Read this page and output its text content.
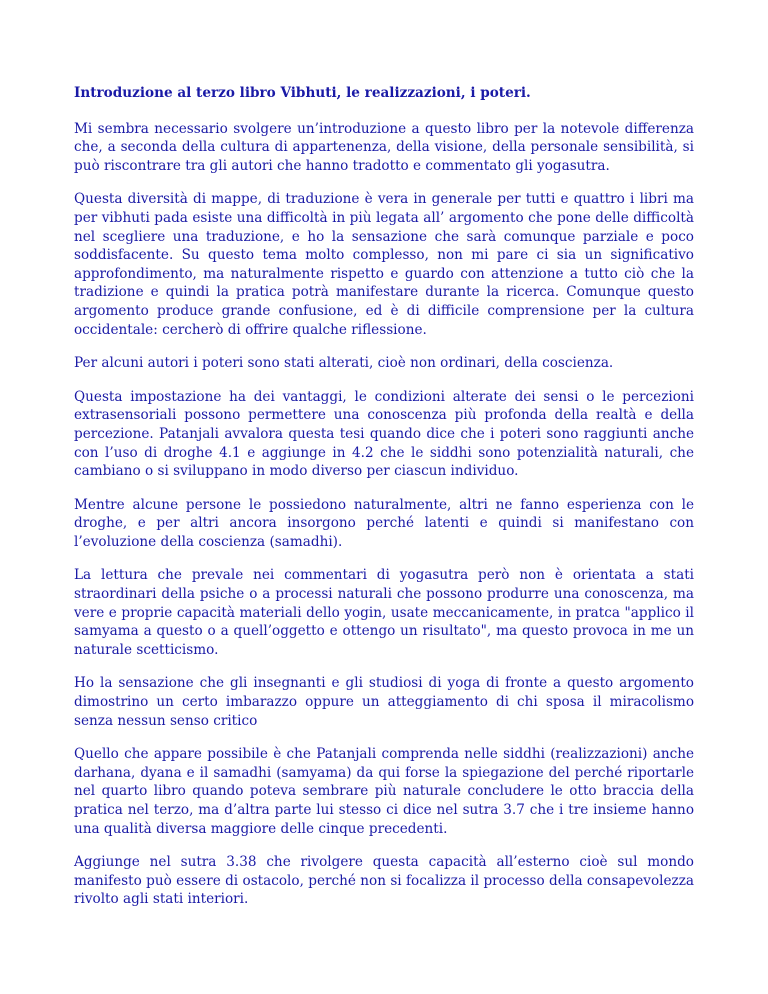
Introduzione al terzo libro Vibhuti, le realizzazioni, i poteri.

Mi sembra necessario svolgere un’introduzione a questo libro per la notevole differenza che, a seconda della cultura di appartenenza, della visione, della personale sensibilità, si può riscontrare tra gli autori che hanno tradotto e commentato gli yogasutra.

Questa diversità di mappe, di traduzione è vera in generale per tutti e quattro i libri ma per vibhuti pada esiste una difficoltà in più legata all’ argomento che pone delle difficoltà nel scegliere una traduzione, e ho la sensazione che sarà comunque parziale e poco soddisfacente. Su questo tema molto complesso, non mi pare ci sia un significativo approfondimento, ma naturalmente rispetto e guardo con attenzione a tutto ciò che la tradizione e quindi la pratica potrà manifestare durante la ricerca. Comunque questo argomento produce grande confusione, ed è di difficile comprensione per la cultura occidentale: cercherò di offrire qualche riflessione.

Per alcuni autori i poteri sono stati alterati, cioè non ordinari, della coscienza.

Questa impostazione ha dei vantaggi, le condizioni alterate dei sensi o le percezioni extrasensoriali possono permettere una conoscenza più profonda della realtà e della percezione. Patanjali avvalora questa tesi quando dice che i poteri sono raggiunti anche con l’uso di droghe 4.1 e aggiunge in 4.2 che le siddhi sono potenzialità naturali, che cambiano o si sviluppano in modo diverso per ciascun individuo.

Mentre alcune persone le possiedono naturalmente, altri ne fanno esperienza con le droghe, e per altri ancora insorgono perché latenti e quindi si manifestano con l’evoluzione della coscienza (samadhi).

La lettura che prevale nei commentari di yogasutra però non è orientata a stati straordinari della psiche o a processi naturali che possono produrre una conoscenza, ma vere e proprie capacità materiali dello yogin, usate meccanicamente, in pratca "applico il samyama a questo o a quell’oggetto e ottengo un risultato", ma questo provoca in me un naturale scetticismo.

Ho la sensazione che gli insegnanti e gli studiosi di yoga di fronte a questo argomento dimostrino un certo imbarazzo oppure un atteggiamento di chi sposa il miracolismo senza nessun senso critico

Quello che appare possibile è che Patanjali comprenda nelle siddhi (realizzazioni) anche darhana, dyana e il samadhi (samyama) da qui forse la spiegazione del perché riportarle nel quarto libro quando poteva sembrare più naturale concludere le otto braccia della pratica nel terzo, ma d’altra parte lui stesso ci dice nel sutra 3.7 che i tre insieme hanno una qualità diversa maggiore delle cinque precedenti.

Aggiunge nel sutra 3.38 che rivolgere questa capacità all’esterno cioè sul mondo manifesto può essere di ostacolo, perché non si focalizza il processo della consapevolezza rivolto agli stati interiori.
